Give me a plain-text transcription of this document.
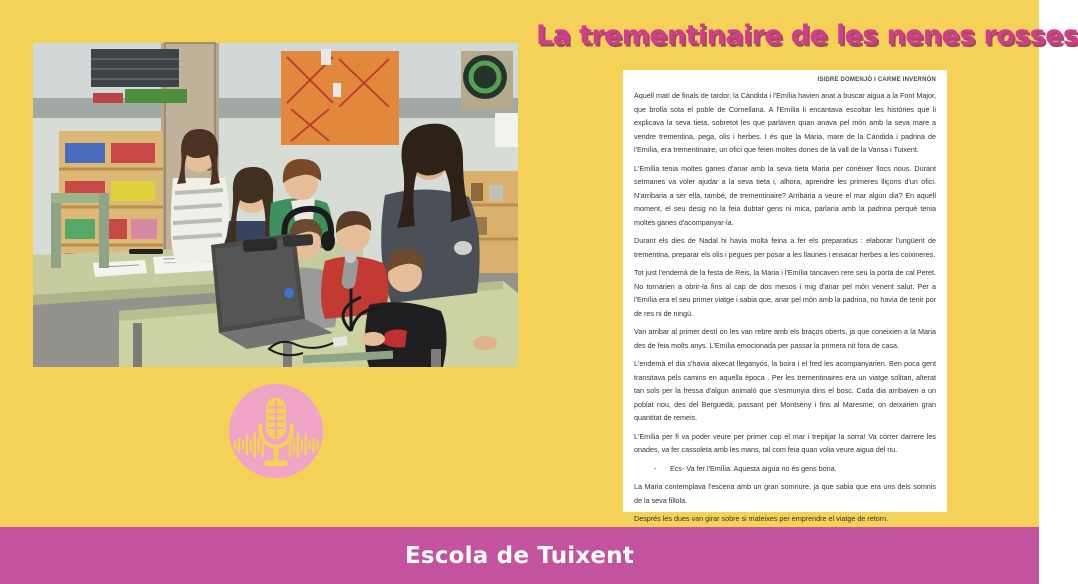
La trementinaire de les nenes rosses
ISIDRE DOMENJÓ I CARME INVERNÓN

Aquell matí de finals de tardor, la Càndida i l'Emília havien anat a buscar aigua a la Font Major, que brolla sota el poble de Cornellana. A l'Emília li encantava escoltar les històries que li explicava la seva tieta, sobretot les que parlaven quan anava pel món amb la seva mare a vendre trementina, pega, olis i herbes. I és que la Maria, mare de la Càndida i padrina de l'Emília, era trementinaire, un ofici que feien moltes dones de la vall de la Vansa i Tuixent.

L'Emília tenia moltes ganes d'anar amb la seva tieta Maria per conèixer llocs nous. Durant setmanes va voler ajudar a la seva tieta i, alhora, aprendre les primeres lliçons d'un ofici. N'arribaria a ser ella, també, de trementinaire? Arribaria a veure el mar algun dia? En aquell moment, el seu desig no la feia dubtar gens ni mica, parlaria amb la padrina perquè tenia moltes ganes d'acompanyar-la.

Durant els dies de Nadal hi havia molta feina a fer els preparatius : elaborar l'ungüent de trementina, preparar els olis i pegues per posar a les llaunes i ensacar herbes a les coixineres.

Tot just l'endemà de la festa de Reis, la Maria i l'Emília tancaven rere seu la porta de cal Peret. No tornarien a obrir-la fins al cap de dos mesos i mig d'anar pel món venent salut. Per a l'Emília era el seu primer viatge i sabia que, anar pel món amb la padrina, no havia de tenir por de res ni de ningú.

Van arribar al primer destí on les van rebre amb els braços oberts, ja que coneixien a la Maria des de feia molts anys. L'Emília emocionada per passar la primera nit fora de casa.

L'endemà el dia s'havia aixecat lleganyós, la boira i el fred les acompanyarien. Ben poca gent transitava pels camins en aquella època . Per les trementinaires era un viatge solitari, alterat tan sols per la fressa d'algun animaló que s'esmunyia dins el bosc. Cada dia arribaven a un poblat nou, des del Berguedà, passant per Montseny i fins al Maresme, on deixarien gran quantitat de remeis.

L'Emília per fi va poder veure per primer cop el mar i trepitjar la sorra! Va córrer darrere les onades, va fer cassoleta amb les mans, tal com feia quan volia veure aigua del riu.

- Ecs- Va fer l'Emília. Aquesta aigua no és gens bona.

La Maria contemplava l'escena amb un gran somriure, ja que sabia que era uns dels somnis de la seva fillola.

Després les dues van girar sobre si mateixes per emprendre el viatge de retorn.

Escola de Tuixent
